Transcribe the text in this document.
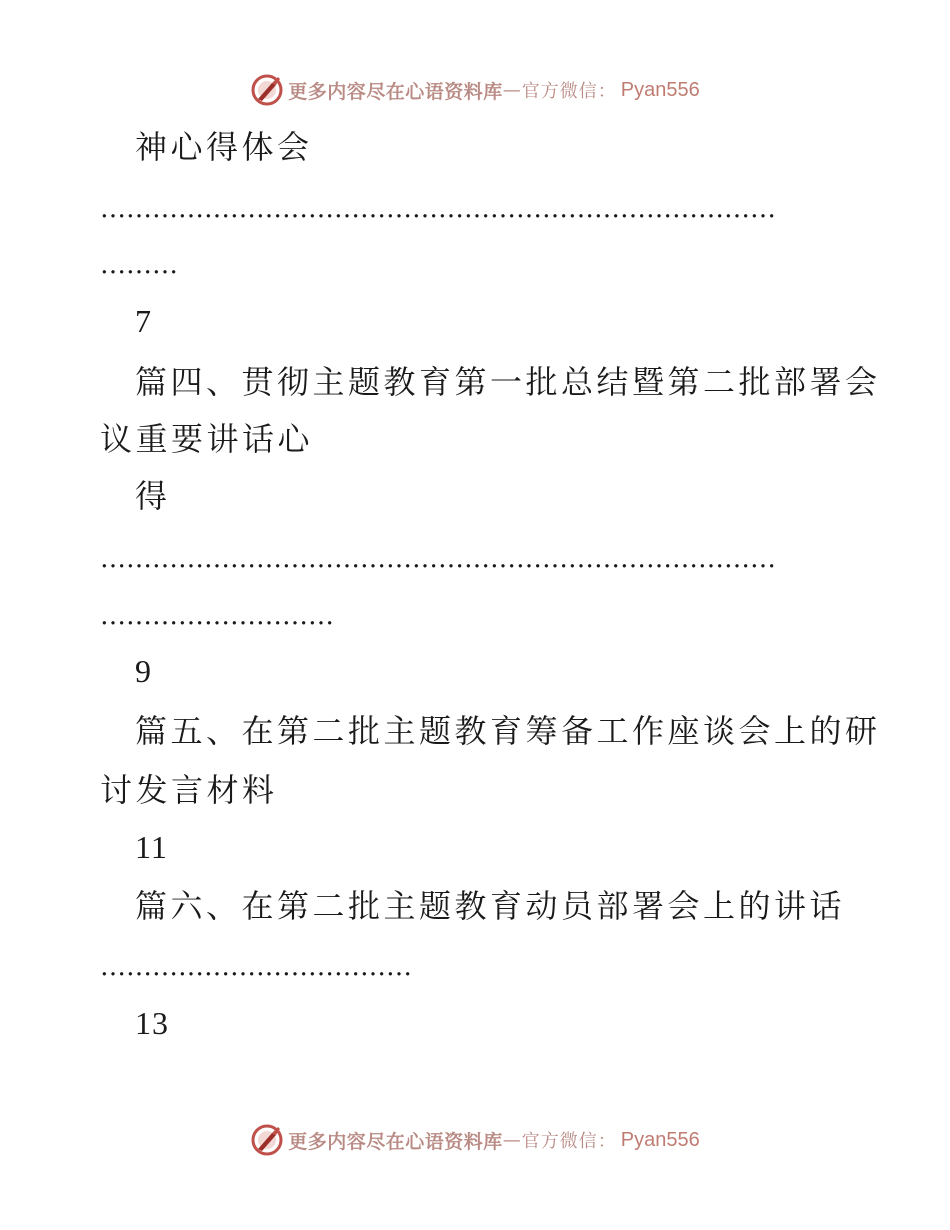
更多内容尽在心语资料库 — 官方微信： Pyan556
神心得体会
……………………………………………………………………
………
7
篇四、贯彻主题教育第一批总结暨第二批部署会
议重要讲话心
得
……………………………………………………………………
………………………
9
篇五、在第二批主题教育筹备工作座谈会上的研
讨发言材料
11
篇六、在第二批主题教育动员部署会上的讲话
………………………………
13
更多内容尽在心语资料库 — 官方微信： Pyan556
